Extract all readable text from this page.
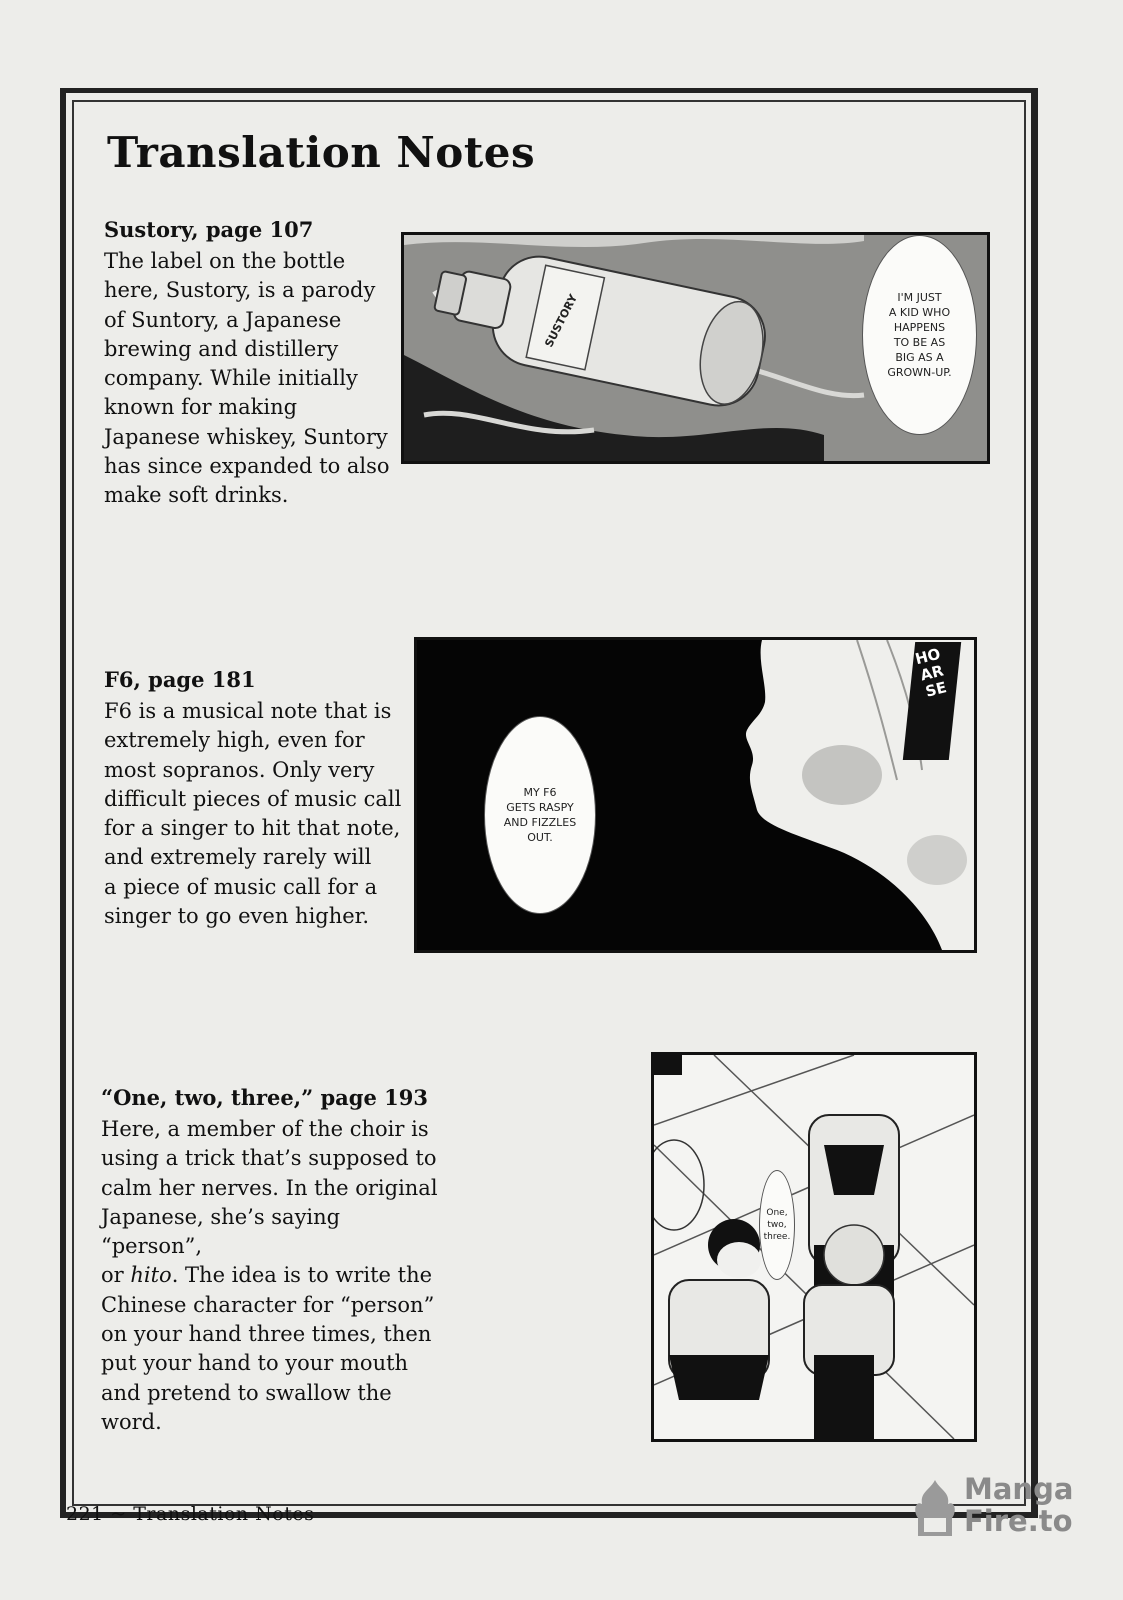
Translation Notes
Sustory, page 107

The label on the bottle
here, Sustory, is a parody
of Suntory, a Japanese
brewing and distillery
company. While initially
known for making
Japanese whiskey, Suntory
has since expanded to also
make soft drinks.

SUSTORY	I'M JUST
A KID WHO
HAPPENS
TO BE AS
BIG AS A
GROWN-UP.
F6, page 181

F6 is a musical note that is
extremely high, even for
most sopranos. Only very
difficult pieces of music call
for a singer to hit that note,
and extremely rarely will
a piece of music call for a
singer to go even higher.

MY F6
GETS RASPY
AND FIZZLES
OUT.
HOARSE
“One, two, three,” page 193

Here, a member of the choir is
using a trick that’s supposed to
calm her nerves. In the original
Japanese, she’s saying “person”,
or hito. The idea is to write the
Chinese character for “person”
on your hand three times, then
put your hand to your mouth
and pretend to swallow the
word.

One,
two,
three.
221 ~ Translation Notes
Manga
Fire.to
